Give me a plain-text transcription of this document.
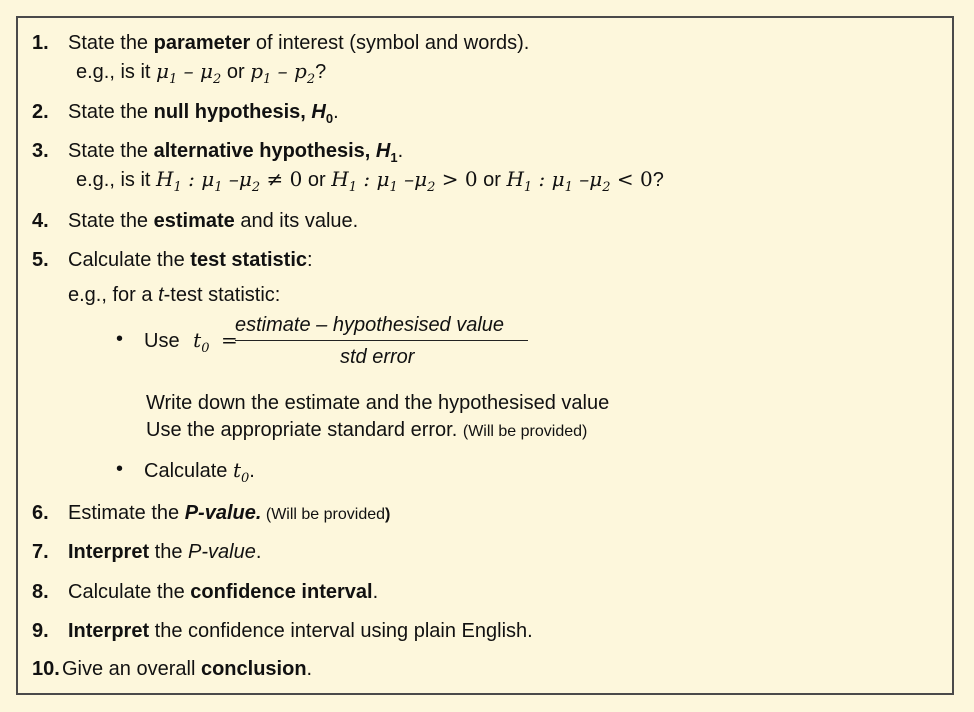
1. State the parameter of interest (symbol and words).
e.g., is it $\mu_1 - \mu_2$ or $p_1 - p_2$?
2. State the null hypothesis, $H_0$.
3. State the alternative hypothesis, $H_1$.
e.g., is it $H_1$ : $\mu_1$ $-\mu_2 \ne 0$ or $H_1$ : $\mu_1$ $-\mu_2 > 0$ or $H_1$ : $\mu_1$ $-\mu_2 < 0$?
4. State the estimate and its value.
5. Calculate the test statistic:
e.g., for a t-test statistic:
• Use $t_0$ =
estimate – hypothesised value
std error
Write down the estimate and the hypothesised value
Use the appropriate standard error. (Will be provided)
• Calculate $t_0$.
6. Estimate the P-value. (Will be provided)
7. Interpret the P-value.
8. Calculate the confidence interval.
9. Interpret the confidence interval using plain English.
10. Give an overall conclusion.
